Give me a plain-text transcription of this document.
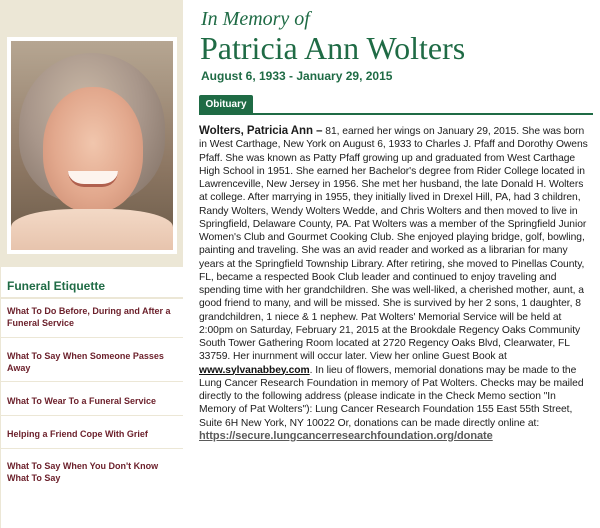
Funeral Etiquette
What To Do Before, During and After a Funeral Service
What To Say When Someone Passes Away
What To Wear To a Funeral Service
Helping a Friend Cope With Grief
What To Say When You Don't Know What To Say
In Memory of
Patricia Ann Wolters
August 6, 1933 - January 29, 2015
Obituary
Wolters, Patricia Ann – 81, earned her wings on January 29, 2015. She was born in West Carthage, New York on August 6, 1933 to Charles J. Pfaff and Dorothy Owens Pfaff. She was known as Patty Pfaff growing up and graduated from West Carthage High School in 1951. She earned her Bachelor's degree from Rider College located in Lawrenceville, New Jersey in 1956. She met her husband, the late Donald H. Wolters at college. After marrying in 1955, they initially lived in Drexel Hill, PA, had 3 children, Randy Wolters, Wendy Wolters Wedde, and Chris Wolters and then moved to live in Springfield, Delaware County, PA. Pat Wolters was a member of the Springfield Junior Women's Club and Gourmet Cooking Club. She enjoyed playing bridge, golf, bowling, painting and traveling. She was an avid reader and worked as a librarian for many years at the Springfield Township Library. After retiring, she moved to Pinellas County, FL, became a respected Book Club leader and continued to enjoy traveling and spending time with her grandchildren. She was well-liked, a cherished mother, aunt, a good friend to many, and will be missed. She is survived by her 2 sons, 1 daughter, 8 grandchildren, 1 niece & 1 nephew. Pat Wolters' Memorial Service will be held at 2:00pm on Saturday, February 21, 2015 at the Brookdale Regency Oaks Community South Tower Gathering Room located at 2720 Regency Oaks Blvd, Clearwater, FL 33759. Her inurnment will occur later. View her online Guest Book at www.sylvanabbey.com. In lieu of flowers, memorial donations may be made to the Lung Cancer Research Foundation in memory of Pat Wolters. Checks may be mailed directly to the following address (please indicate in the Check Memo section "In Memory of Pat Wolters"): Lung Cancer Research Foundation 155 East 55th Street, Suite 6H New York, NY 10022 Or, donations can be made directly online at:
https://secure.lungcancerresearchfoundation.org/donate
